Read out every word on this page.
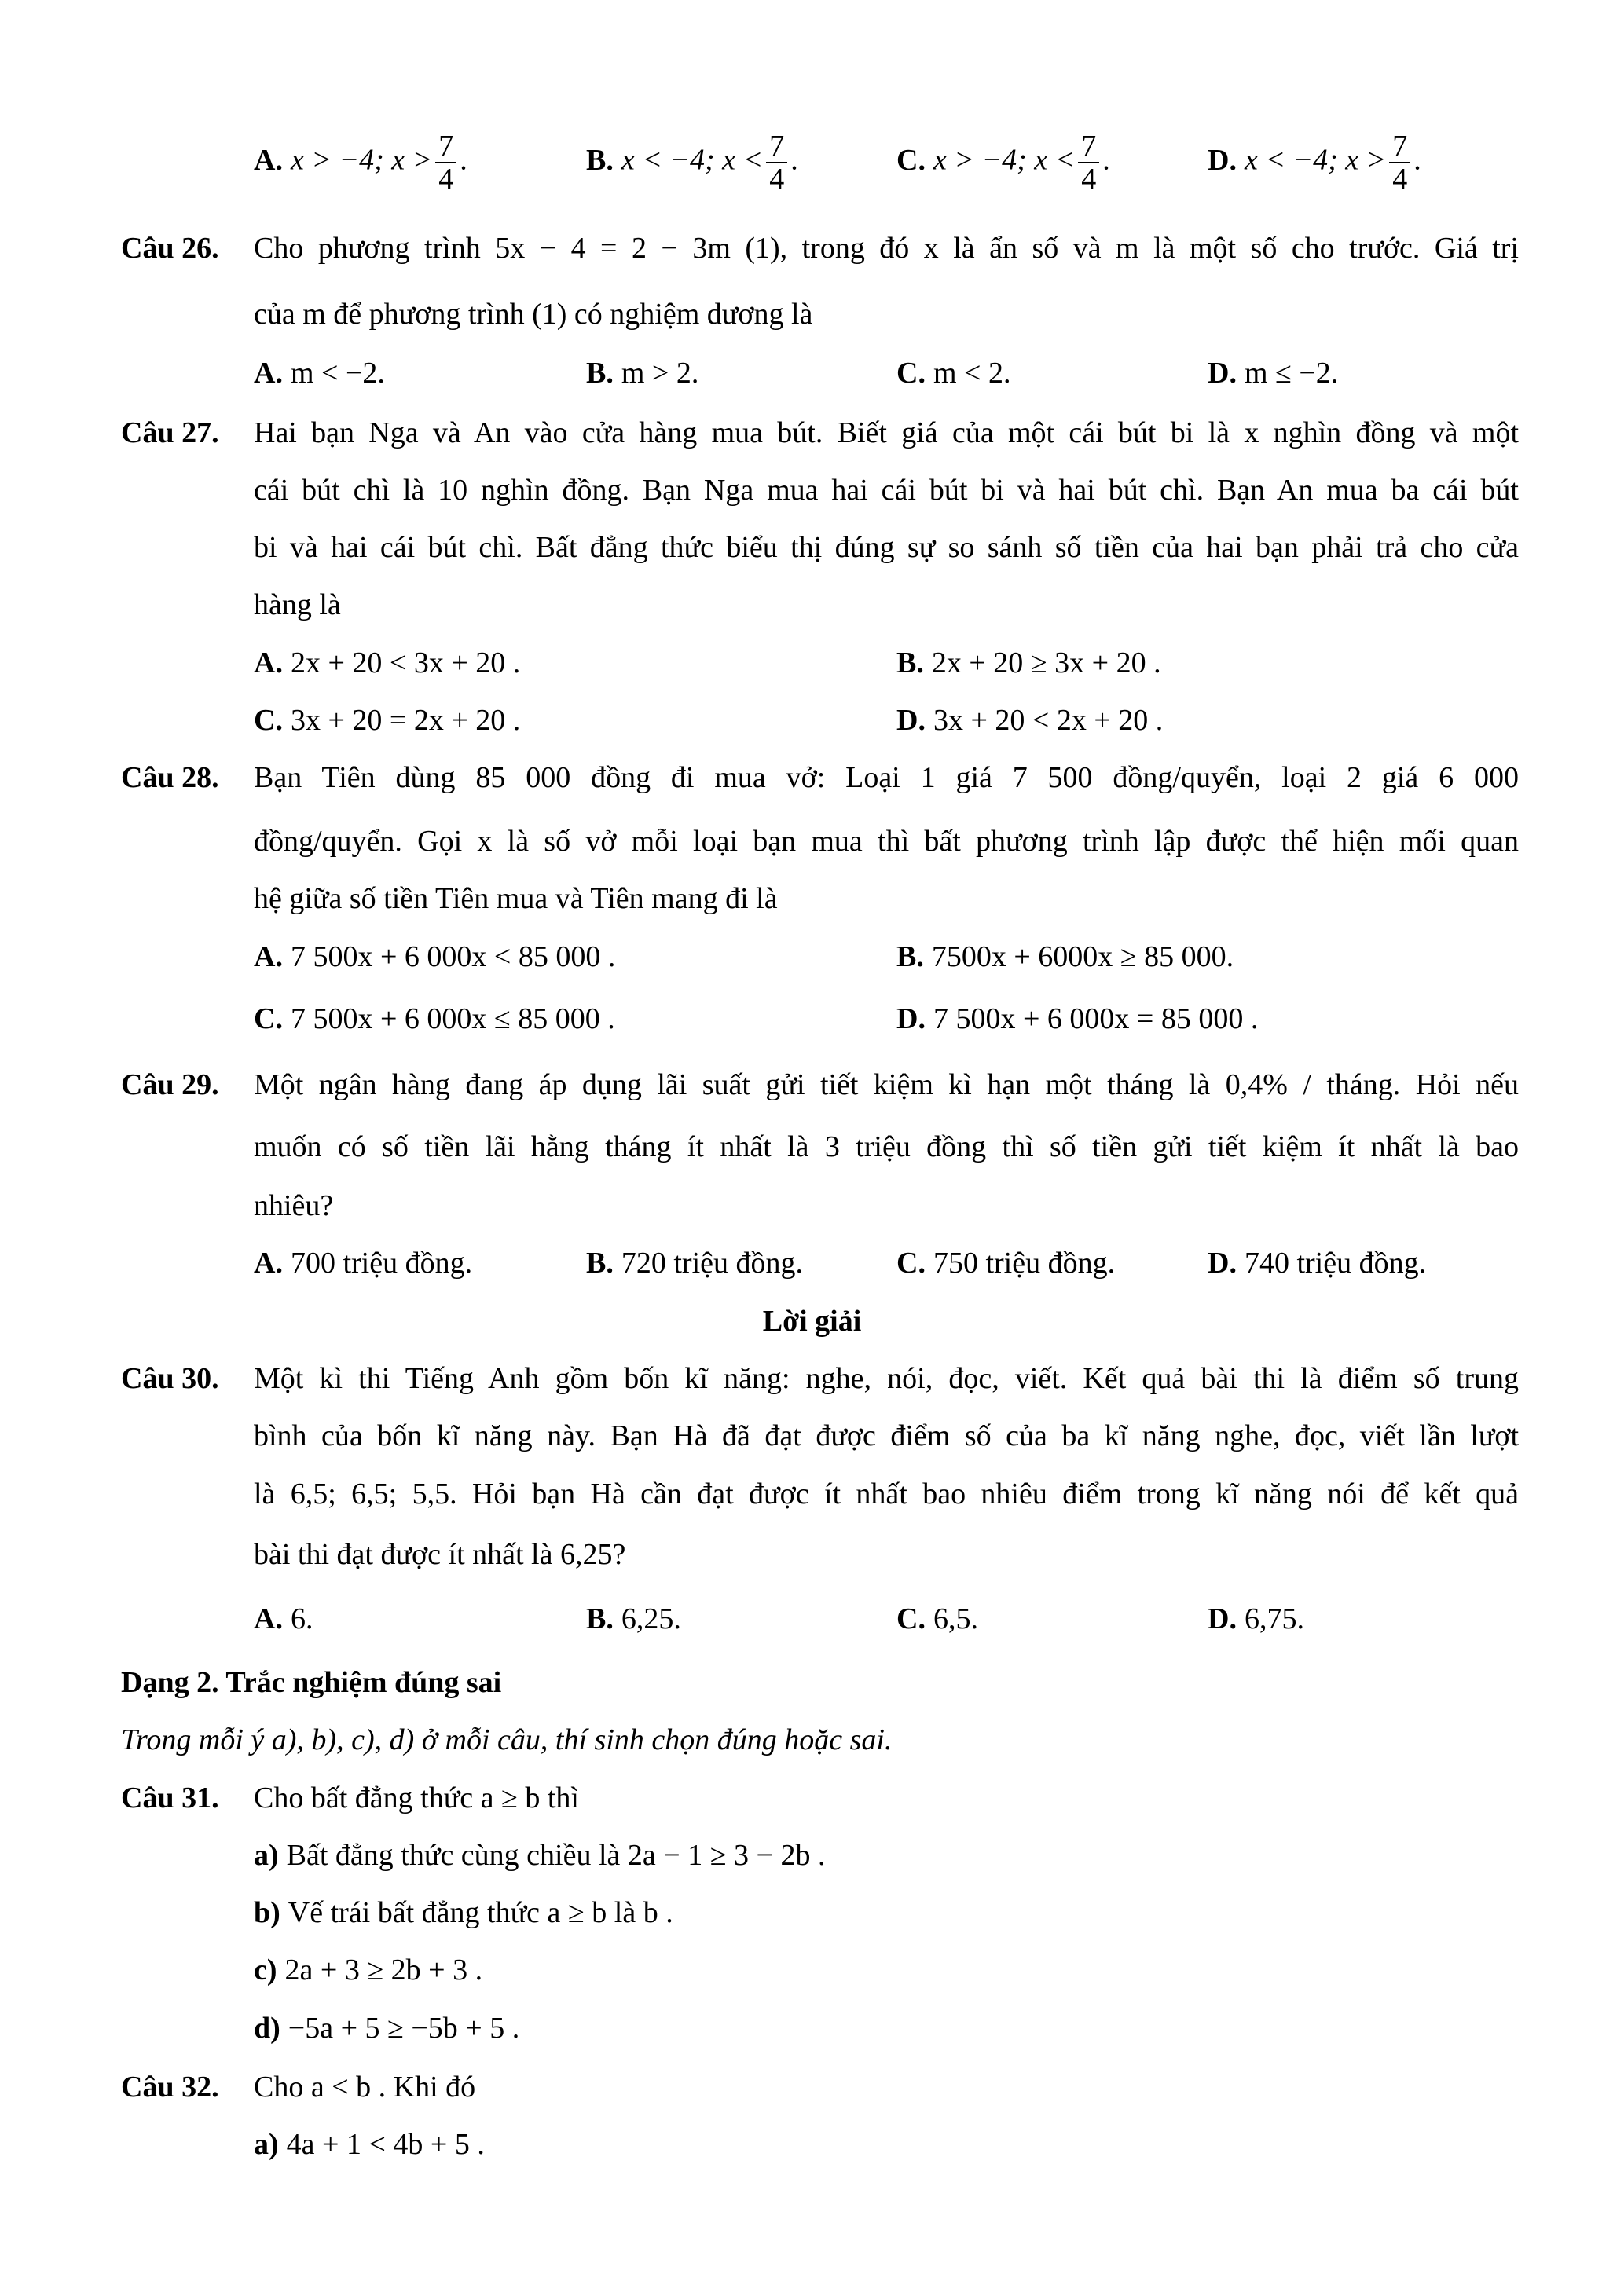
A. x > −4; $x > \frac{7}{4}$ .	B. x < −4; $x < \frac{7}{4}$ .	C. x > −4; $x < \frac{7}{4}$ .	D. x < −4; $x > \frac{7}{4}$ .
Câu 26. Cho phương trình 5x − 4 = 2 − 3m (1), trong đó x là ẩn số và m là một số cho trước. Giá trị
của m để phương trình (1) có nghiệm dương là
A. m < −2.	B. m > 2.	C. m < 2.	D. m ≤ −2.
Câu 27. Hai bạn Nga và An vào cửa hàng mua bút. Biết giá của một cái bút bi là x nghìn đồng và một
cái bút chì là 10 nghìn đồng. Bạn Nga mua hai cái bút bi và hai bút chì. Bạn An mua ba cái bút
bi và hai cái bút chì. Bất đẳng thức biểu thị đúng sự so sánh số tiền của hai bạn phải trả cho cửa
hàng là
A. 2x + 20 < 3x + 20 .	B. 2x + 20 ≥ 3x + 20 .
C. 3x + 20 = 2x + 20 .	D. 3x + 20 < 2x + 20 .
Câu 28. Bạn Tiên dùng 85 000 đồng đi mua vở: Loại 1 giá 7 500 đồng/quyển, loại 2 giá 6 000
đồng/quyển. Gọi x là số vở mỗi loại bạn mua thì bất phương trình lập được thể hiện mối quan
hệ giữa số tiền Tiên mua và Tiên mang đi là
A. 7 500x + 6 000x < 85 000 .	B. 7500x + 6000x ≥ 85 000.
C. 7 500x + 6 000x ≤ 85 000 .	D. 7 500x + 6 000x = 85 000 .
Câu 29. Một ngân hàng đang áp dụng lãi suất gửi tiết kiệm kì hạn một tháng là 0,4% / tháng. Hỏi nếu
muốn có số tiền lãi hằng tháng ít nhất là 3 triệu đồng thì số tiền gửi tiết kiệm ít nhất là bao
nhiêu?
A. 700 triệu đồng.	B. 720 triệu đồng.	C. 750 triệu đồng.	D. 740 triệu đồng.
Lời giải
Câu 30. Một kì thi Tiếng Anh gồm bốn kĩ năng: nghe, nói, đọc, viết. Kết quả bài thi là điểm số trung
bình của bốn kĩ năng này. Bạn Hà đã đạt được điểm số của ba kĩ năng nghe, đọc, viết lần lượt
là 6,5; 6,5; 5,5. Hỏi bạn Hà cần đạt được ít nhất bao nhiêu điểm trong kĩ năng nói để kết quả
bài thi đạt được ít nhất là 6,25?
A. 6.	B. 6,25.	C. 6,5.	D. 6,75.
Dạng 2. Trắc nghiệm đúng sai
Trong mỗi ý a), b), c), d) ở mỗi câu, thí sinh chọn đúng hoặc sai.
Câu 31. Cho bất đẳng thức a ≥ b thì
a) Bất đẳng thức cùng chiều là 2a − 1 ≥ 3 − 2b .
b) Vế trái bất đẳng thức a ≥ b là b .
c) 2a + 3 ≥ 2b + 3 .
d) −5a + 5 ≥ −5b + 5 .
Câu 32. Cho a < b . Khi đó
a) 4a + 1 < 4b + 5 .
